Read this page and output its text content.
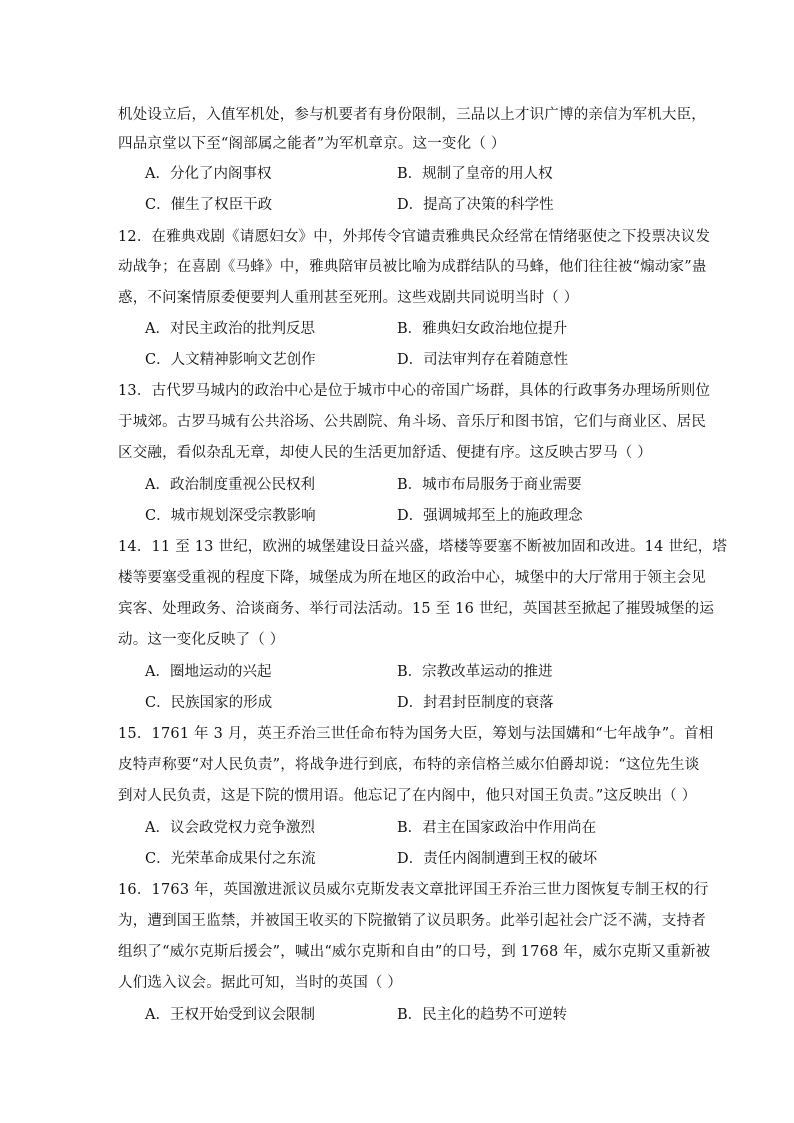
机处设立后，入值军机处，参与机要者有身份限制，三品以上才识广博的亲信为军机大臣，
四品京堂以下至“阁部属之能者”为军机章京。这一变化（ ）
A．分化了内阁事权	B．规制了皇帝的用人权
C．催生了权臣干政	D．提高了决策的科学性
12．在雅典戏剧《请愿妇女》中，外邦传令官谴责雅典民众经常在情绪驱使之下投票决议发
动战争；在喜剧《马蜂》中，雅典陪审员被比喻为成群结队的马蜂，他们往往被“煽动家”蛊
惑，不问案情原委便要判人重刑甚至死刑。这些戏剧共同说明当时（ ）
A．对民主政治的批判反思	B．雅典妇女政治地位提升
C．人文精神影响文艺创作	D．司法审判存在着随意性
13．古代罗马城内的政治中心是位于城市中心的帝国广场群，具体的行政事务办理场所则位
于城郊。古罗马城有公共浴场、公共剧院、角斗场、音乐厅和图书馆，它们与商业区、居民
区交融，看似杂乱无章，却使人民的生活更加舒适、便捷有序。这反映古罗马（ ）
A．政治制度重视公民权利	B．城市布局服务于商业需要
C．城市规划深受宗教影响	D．强调城邦至上的施政理念
14．11 至 13 世纪，欧洲的城堡建设日益兴盛，塔楼等要塞不断被加固和改进。14 世纪，塔
楼等要塞受重视的程度下降，城堡成为所在地区的政治中心，城堡中的大厅常用于领主会见
宾客、处理政务、洽谈商务、举行司法活动。15 至 16 世纪，英国甚至掀起了摧毁城堡的运
动。这一变化反映了（ ）
A．圈地运动的兴起	B．宗教改革运动的推进
C．民族国家的形成	D．封君封臣制度的衰落
15．1761 年 3 月，英王乔治三世任命布特为国务大臣，筹划与法国媾和“七年战争”。首相
皮特声称要“对人民负责”，将战争进行到底，布特的亲信格兰威尔伯爵却说：“这位先生谈
到对人民负责，这是下院的惯用语。他忘记了在内阁中，他只对国王负责。”这反映出（ ）
A．议会政党权力竞争激烈	B．君主在国家政治中作用尚在
C．光荣革命成果付之东流	D．责任内阁制遭到王权的破坏
16．1763 年，英国激进派议员威尔克斯发表文章批评国王乔治三世力图恢复专制王权的行
为，遭到国王监禁，并被国王收买的下院撤销了议员职务。此举引起社会广泛不满，支持者
组织了“威尔克斯后援会”，喊出“威尔克斯和自由”的口号，到 1768 年，威尔克斯又重新被
人们选入议会。据此可知，当时的英国（ ）
A．王权开始受到议会限制	B．民主化的趋势不可逆转
